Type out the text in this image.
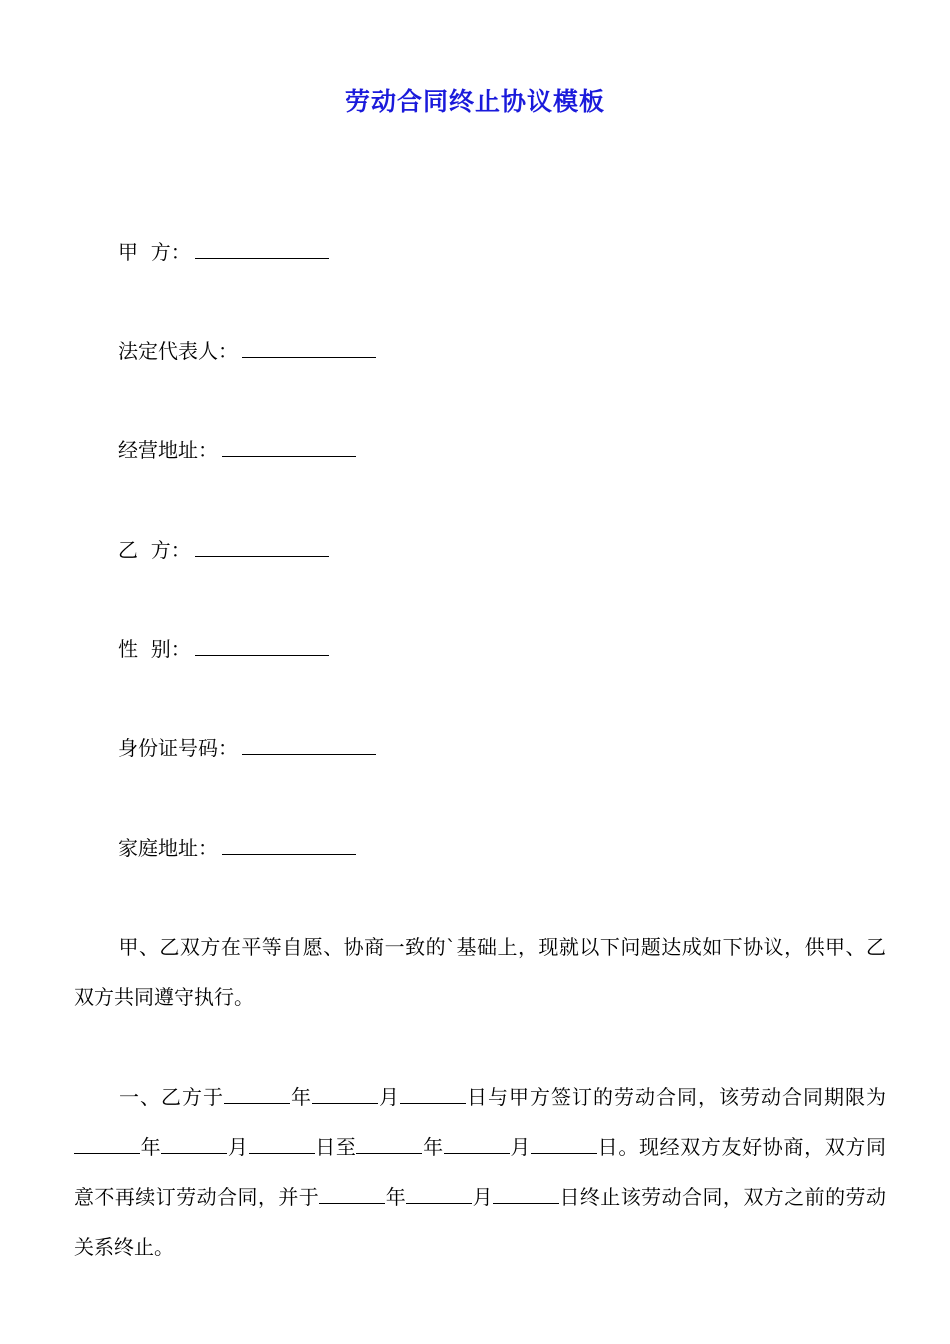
劳动合同终止协议模板
甲  方：
法定代表人：
经营地址：
乙  方：
性  别：
身份证号码：
家庭地址：
甲、乙双方在平等自愿、协商一致的`基础上，现就以下问题达成如下协议，供甲、乙双方共同遵守执行。
一、乙方于	年	月	日与甲方签订的劳动合同，该劳动合同期限为年	月	日至	年	月	日。现经双方友好协商，双方同意不再续订劳动合同，并于	年	月	日终止该劳动合同，双方之前的劳动关系终止。
